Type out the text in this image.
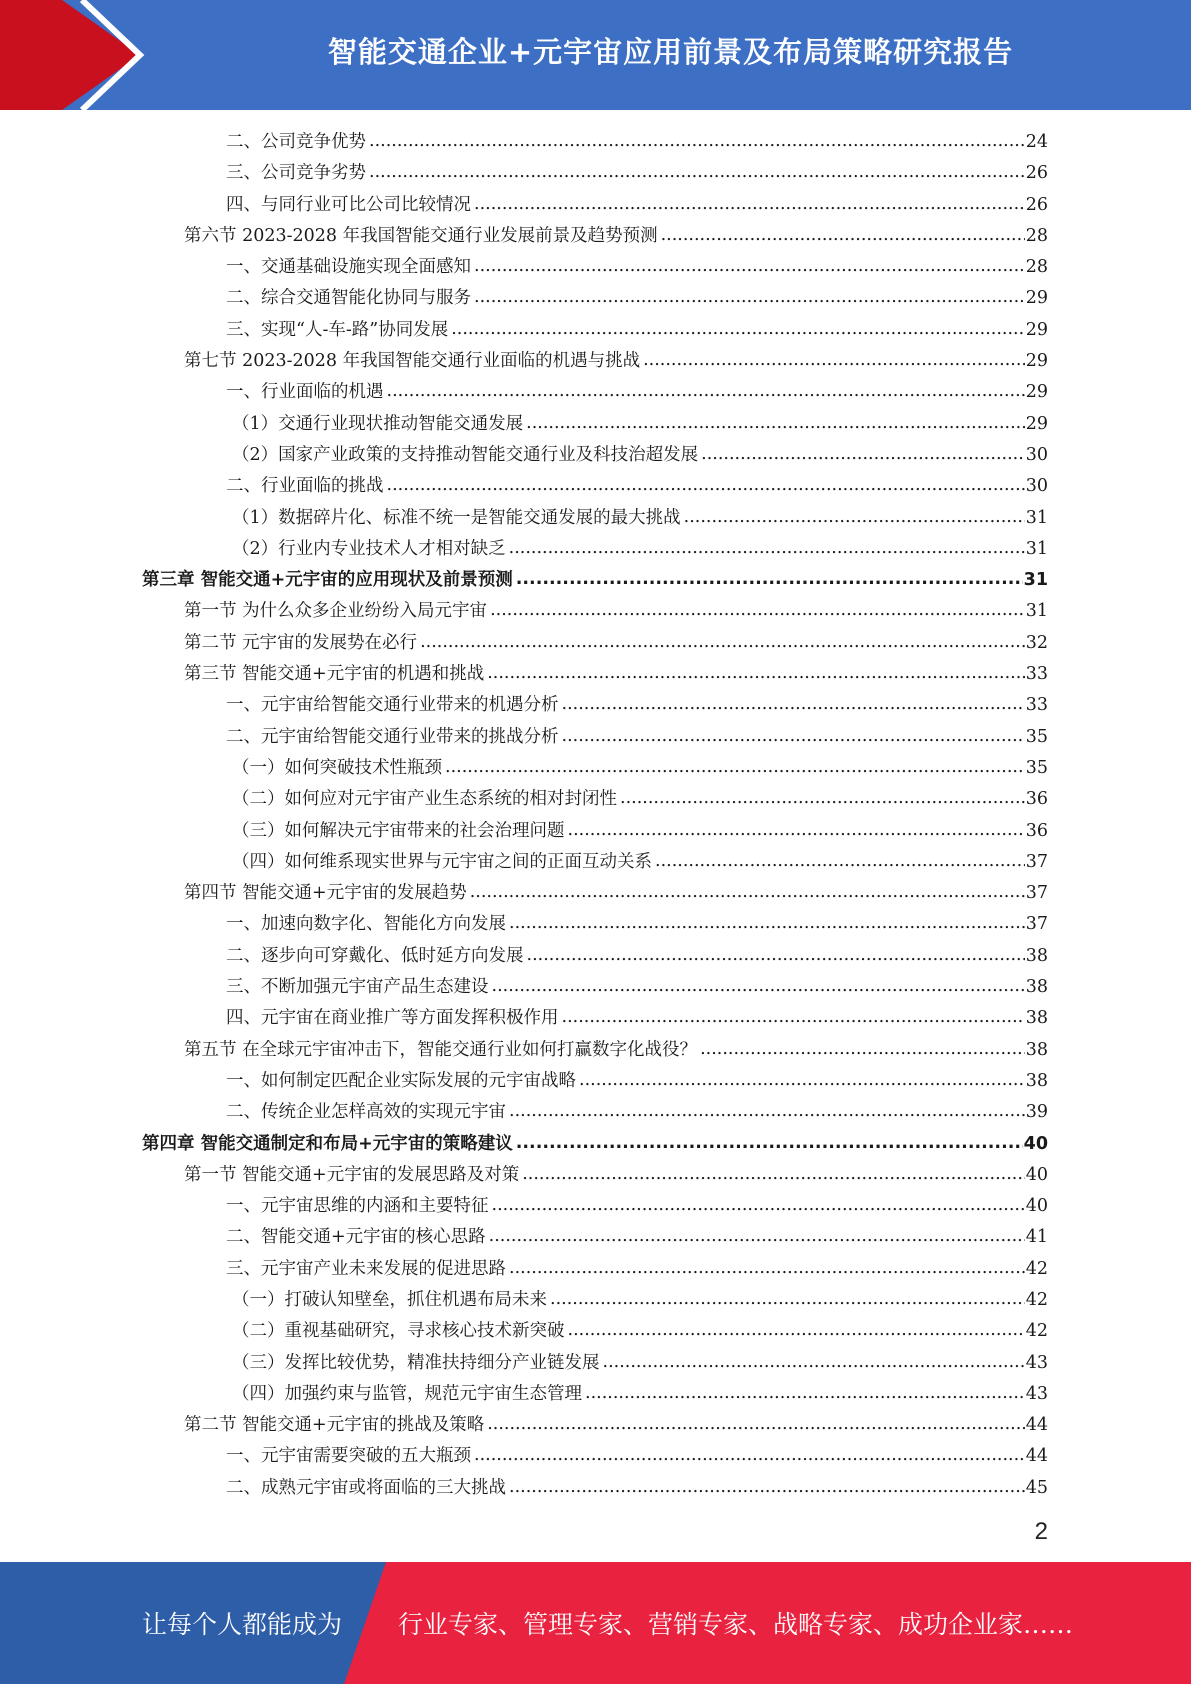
智能交通企业+元宇宙应用前景及布局策略研究报告
二、公司竞争优势 .....	24
三、公司竞争劣势 .....	26
四、与同行业可比公司比较情况 .....	26
第六节 2023-2028 年我国智能交通行业发展前景及趋势预测 .....	28
一、交通基础设施实现全面感知 .....	28
二、综合交通智能化协同与服务 .....	29
三、实现“人-车-路”协同发展 .....	29
第七节 2023-2028 年我国智能交通行业面临的机遇与挑战 .....	29
一、行业面临的机遇 .....	29
（1）交通行业现状推动智能交通发展 .....	29
（2）国家产业政策的支持推动智能交通行业及科技治超发展 .....	30
二、行业面临的挑战 .....	30
（1）数据碎片化、标准不统一是智能交通发展的最大挑战 .....	31
（2）行业内专业技术人才相对缺乏 .....	31
第三章 智能交通+元宇宙的应用现状及前景预测 .....	31
第一节 为什么众多企业纷纷入局元宇宙 .....	31
第二节 元宇宙的发展势在必行 .....	32
第三节 智能交通+元宇宙的机遇和挑战 .....	33
一、元宇宙给智能交通行业带来的机遇分析 .....	33
二、元宇宙给智能交通行业带来的挑战分析 .....	35
（一）如何突破技术性瓶颈 .....	35
（二）如何应对元宇宙产业生态系统的相对封闭性 .....	36
（三）如何解决元宇宙带来的社会治理问题 .....	36
（四）如何维系现实世界与元宇宙之间的正面互动关系 .....	37
第四节 智能交通+元宇宙的发展趋势 .....	37
一、加速向数字化、智能化方向发展 .....	37
二、逐步向可穿戴化、低时延方向发展 .....	38
三、不断加强元宇宙产品生态建设 .....	38
四、元宇宙在商业推广等方面发挥积极作用 .....	38
第五节 在全球元宇宙冲击下，智能交通行业如何打赢数字化战役？ .....	38
一、如何制定匹配企业实际发展的元宇宙战略 .....	38
二、传统企业怎样高效的实现元宇宙 .....	39
第四章 智能交通制定和布局+元宇宙的策略建议 .....	40
第一节 智能交通+元宇宙的发展思路及对策 .....	40
一、元宇宙思维的内涵和主要特征 .....	40
二、智能交通+元宇宙的核心思路 .....	41
三、元宇宙产业未来发展的促进思路 .....	42
（一）打破认知壁垒，抓住机遇布局未来 .....	42
（二）重视基础研究，寻求核心技术新突破 .....	42
（三）发挥比较优势，精准扶持细分产业链发展 .....	43
（四）加强约束与监管，规范元宇宙生态管理 .....	43
第二节 智能交通+元宇宙的挑战及策略 .....	44
一、元宇宙需要突破的五大瓶颈 .....	44
二、成熟元宇宙或将面临的三大挑战 .....	45
2
让每个人都能成为 行业专家、管理专家、营销专家、战略专家、成功企业家……
